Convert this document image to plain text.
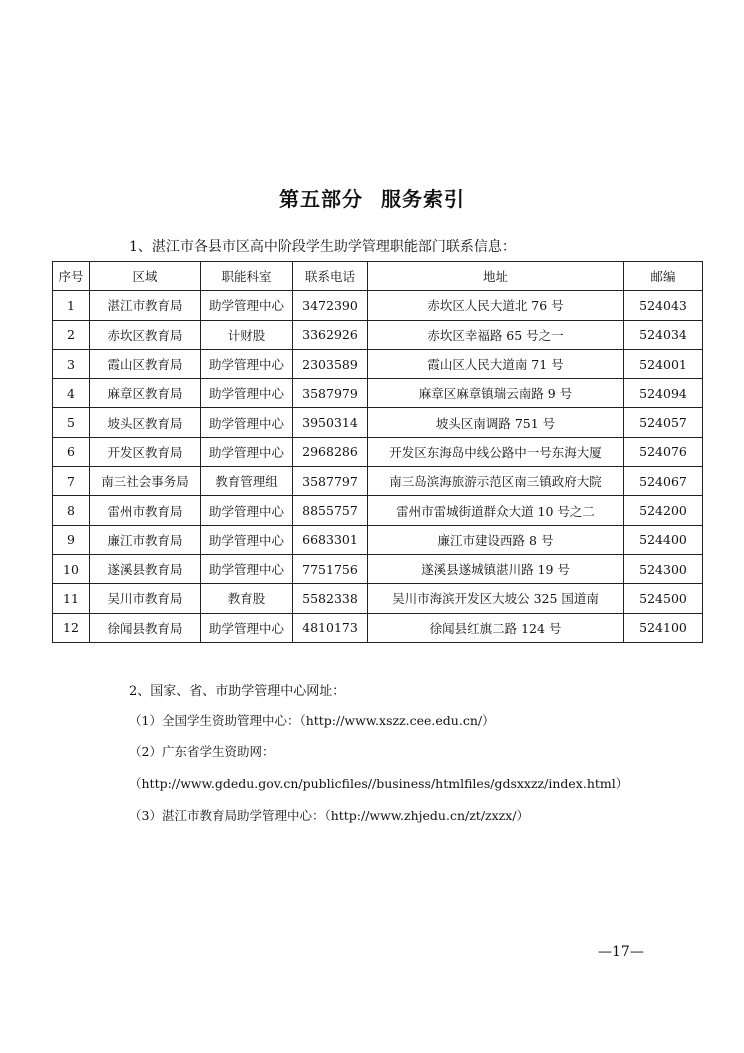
第五部分 服务索引
1、湛江市各县市区高中阶段学生助学管理职能部门联系信息：
序号	区域	职能科室	联系电话	地址	邮编
1	湛江市教育局	助学管理中心	3472390	赤坎区人民大道北 76 号	524043
2	赤坎区教育局	计财股	3362926	赤坎区幸福路 65 号之一	524034
3	霞山区教育局	助学管理中心	2303589	霞山区人民大道南 71 号	524001
4	麻章区教育局	助学管理中心	3587979	麻章区麻章镇瑞云南路 9 号	524094
5	坡头区教育局	助学管理中心	3950314	坡头区南调路 751 号	524057
6	开发区教育局	助学管理中心	2968286	开发区东海岛中线公路中一号东海大厦	524076
7	南三社会事务局	教育管理组	3587797	南三岛滨海旅游示范区南三镇政府大院	524067
8	雷州市教育局	助学管理中心	8855757	雷州市雷城街道群众大道 10 号之二	524200
9	廉江市教育局	助学管理中心	6683301	廉江市建设西路 8 号	524400
10	遂溪县教育局	助学管理中心	7751756	遂溪县遂城镇湛川路 19 号	524300
11	吴川市教育局	教育股	5582338	吴川市海滨开发区大坡公 325 国道南	524500
12	徐闻县教育局	助学管理中心	4810173	徐闻县红旗二路 124 号	524100
2、国家、省、市助学管理中心网址：
（1）全国学生资助管理中心：（http://www.xszz.cee.edu.cn/）
（2）广东省学生资助网：
（http://www.gdedu.gov.cn/publicfiles//business/htmlfiles/gdsxxzz/index.html）
（3）湛江市教育局助学管理中心：（http://www.zhjedu.cn/zt/zxzx/）
—17—
